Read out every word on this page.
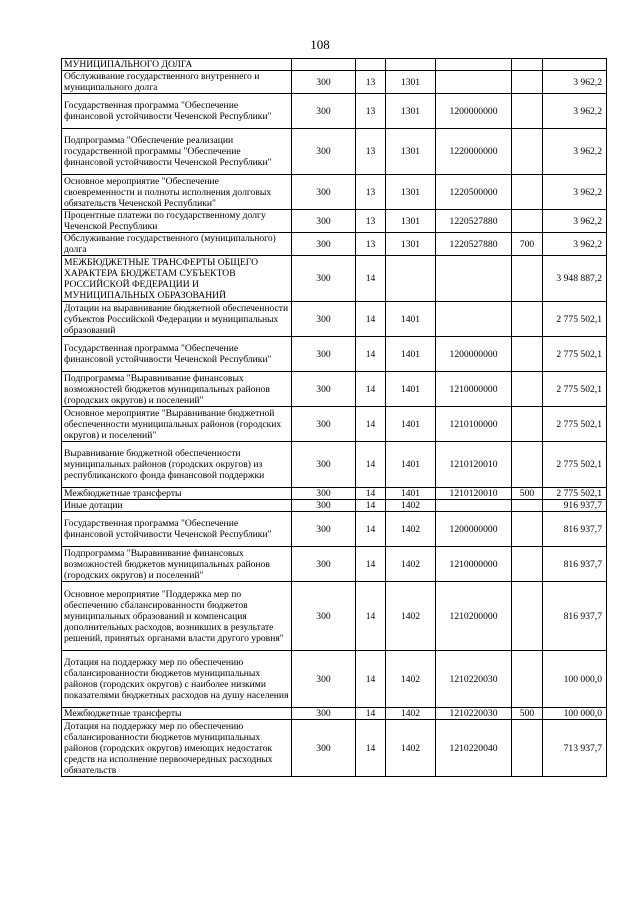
108
МУНИЦИПАЛЬНОГО ДОЛГА						
Обслуживание государственного внутреннего и муниципального долга	300	13	1301			3 962,2
Государственная программа "Обеспечение финансовой устойчивости Чеченской Республики"	300	13	1301	1200000000		3 962,2
Подпрограмма "Обеспечение реализации государственной программы "Обеспечение финансовой устойчивости Чеченской Республики"	300	13	1301	1220000000		3 962,2
Основное мероприятие "Обеспечение своевременности и полноты исполнения долговых обязательств Чеченской Республики"	300	13	1301	1220500000		3 962,2
Процентные платежи по государственному долгу Чеченской Республики	300	13	1301	1220527880		3 962,2
Обслуживание государственного (муниципального) долга	300	13	1301	1220527880	700	3 962,2
МЕЖБЮДЖЕТНЫЕ ТРАНСФЕРТЫ ОБЩЕГО ХАРАКТЕРА БЮДЖЕТАМ СУБЪЕКТОВ РОССИЙСКОЙ ФЕДЕРАЦИИ И МУНИЦИПАЛЬНЫХ ОБРАЗОВАНИЙ	300	14				3 948 887,2
Дотации на выравнивание бюджетной обеспеченности субъектов Российской Федерации и муниципальных образований	300	14	1401			2 775 502,1
Государственная программа "Обеспечение финансовой устойчивости Чеченской Республики"	300	14	1401	1200000000		2 775 502,1
Подпрограмма "Выравнивание финансовых возможностей бюджетов муниципальных районов (городских округов) и поселений"	300	14	1401	1210000000		2 775 502,1
Основное мероприятие "Выравнивание бюджетной обеспеченности муниципальных районов (городских округов) и поселений"	300	14	1401	1210100000		2 775 502,1
Выравнивание бюджетной обеспеченности муниципальных районов (городских округов) из республиканского фонда финансовой поддержки	300	14	1401	1210120010		2 775 502,1
Межбюджетные трансферты	300	14	1401	1210120010	500	2 775 502,1
Иные дотации	300	14	1402			916 937,7
Государственная программа "Обеспечение финансовой устойчивости Чеченской Республики"	300	14	1402	1200000000		816 937,7
Подпрограмма "Выравнивание финансовых возможностей бюджетов муниципальных районов (городских округов) и поселений"	300	14	1402	1210000000		816 937,7
Основное мероприятие "Поддержка мер по обеспечению сбалансированности бюджетов муниципальных образований и компенсация дополнительных расходов, возникших в результате решений, принятых органами власти другого уровня"	300	14	1402	1210200000		816 937,7
Дотация на поддержку мер по обеспечению сбалансированности бюджетов муниципальных районов (городских округов) с наиболее низкими показателями бюджетных расходов на душу населения	300	14	1402	1210220030		100 000,0
Межбюджетные трансферты	300	14	1402	1210220030	500	100 000,0
Дотация на поддержку мер по обеспечению сбалансированности бюджетов муниципальных районов (городских округов) имеющих недостаток средств на исполнение первоочередных расходных обязательств	300	14	1402	1210220040		713 937,7
